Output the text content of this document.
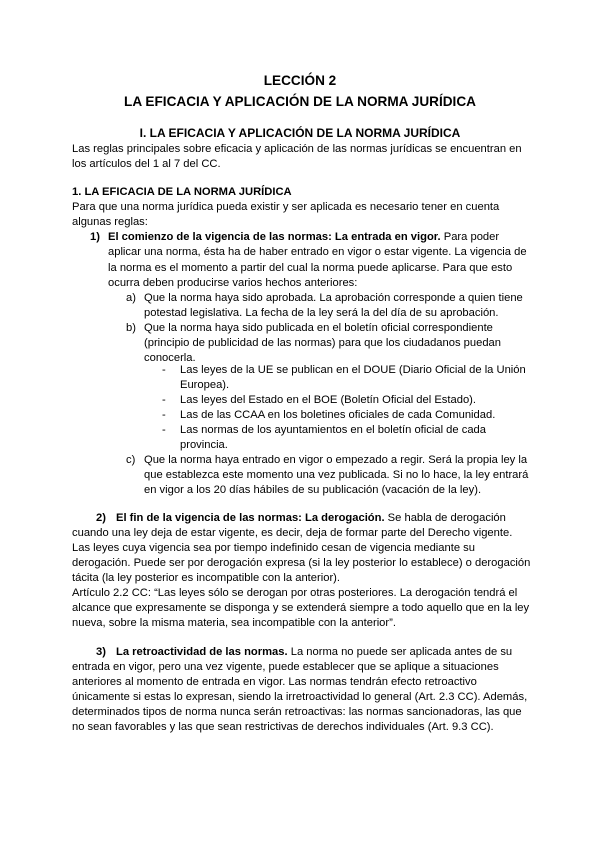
LECCIÓN 2
LA EFICACIA Y APLICACIÓN DE LA NORMA JURÍDICA
I. LA EFICACIA Y APLICACIÓN DE LA NORMA JURÍDICA
Las reglas principales sobre eficacia y aplicación de las normas jurídicas se encuentran en
los artículos del 1 al 7 del CC.
1. LA EFICACIA DE LA NORMA JURÍDICA
Para que una norma jurídica pueda existir y ser aplicada es necesario tener en cuenta
algunas reglas:
1) El comienzo de la vigencia de las normas: La entrada en vigor. Para poder
aplicar una norma, ésta ha de haber entrado en vigor o estar vigente. La vigencia de
la norma es el momento a partir del cual la norma puede aplicarse. Para que esto
ocurra deben producirse varios hechos anteriores:
a) Que la norma haya sido aprobada. La aprobación corresponde a quien tiene
potestad legislativa. La fecha de la ley será la del día de su aprobación.
b) Que la norma haya sido publicada en el boletín oficial correspondiente
(principio de publicidad de las normas) para que los ciudadanos puedan
conocerla.
- Las leyes de la UE se publican en el DOUE (Diario Oficial de la Unión
Europea).
- Las leyes del Estado en el BOE (Boletín Oficial del Estado).
- Las de las CCAA en los boletines oficiales de cada Comunidad.
- Las normas de los ayuntamientos en el boletín oficial de cada
provincia.
c) Que la norma haya entrado en vigor o empezado a regir. Será la propia ley la
que establezca este momento una vez publicada. Si no lo hace, la ley entrará
en vigor a los 20 días hábiles de su publicación (vacación de la ley).
2) El fin de la vigencia de las normas: La derogación. Se habla de derogación
cuando una ley deja de estar vigente, es decir, deja de formar parte del Derecho vigente.
Las leyes cuya vigencia sea por tiempo indefinido cesan de vigencia mediante su
derogación. Puede ser por derogación expresa (si la ley posterior lo establece) o derogación
tácita (la ley posterior es incompatible con la anterior).
Artículo 2.2 CC: “Las leyes sólo se derogan por otras posteriores. La derogación tendrá el
alcance que expresamente se disponga y se extenderá siempre a todo aquello que en la ley
nueva, sobre la misma materia, sea incompatible con la anterior”.
3) La retroactividad de las normas. La norma no puede ser aplicada antes de su
entrada en vigor, pero una vez vigente, puede establecer que se aplique a situaciones
anteriores al momento de entrada en vigor. Las normas tendrán efecto retroactivo
únicamente si estas lo expresan, siendo la irretroactividad lo general (Art. 2.3 CC). Además,
determinados tipos de norma nunca serán retroactivas: las normas sancionadoras, las que
no sean favorables y las que sean restrictivas de derechos individuales (Art. 9.3 CC).
